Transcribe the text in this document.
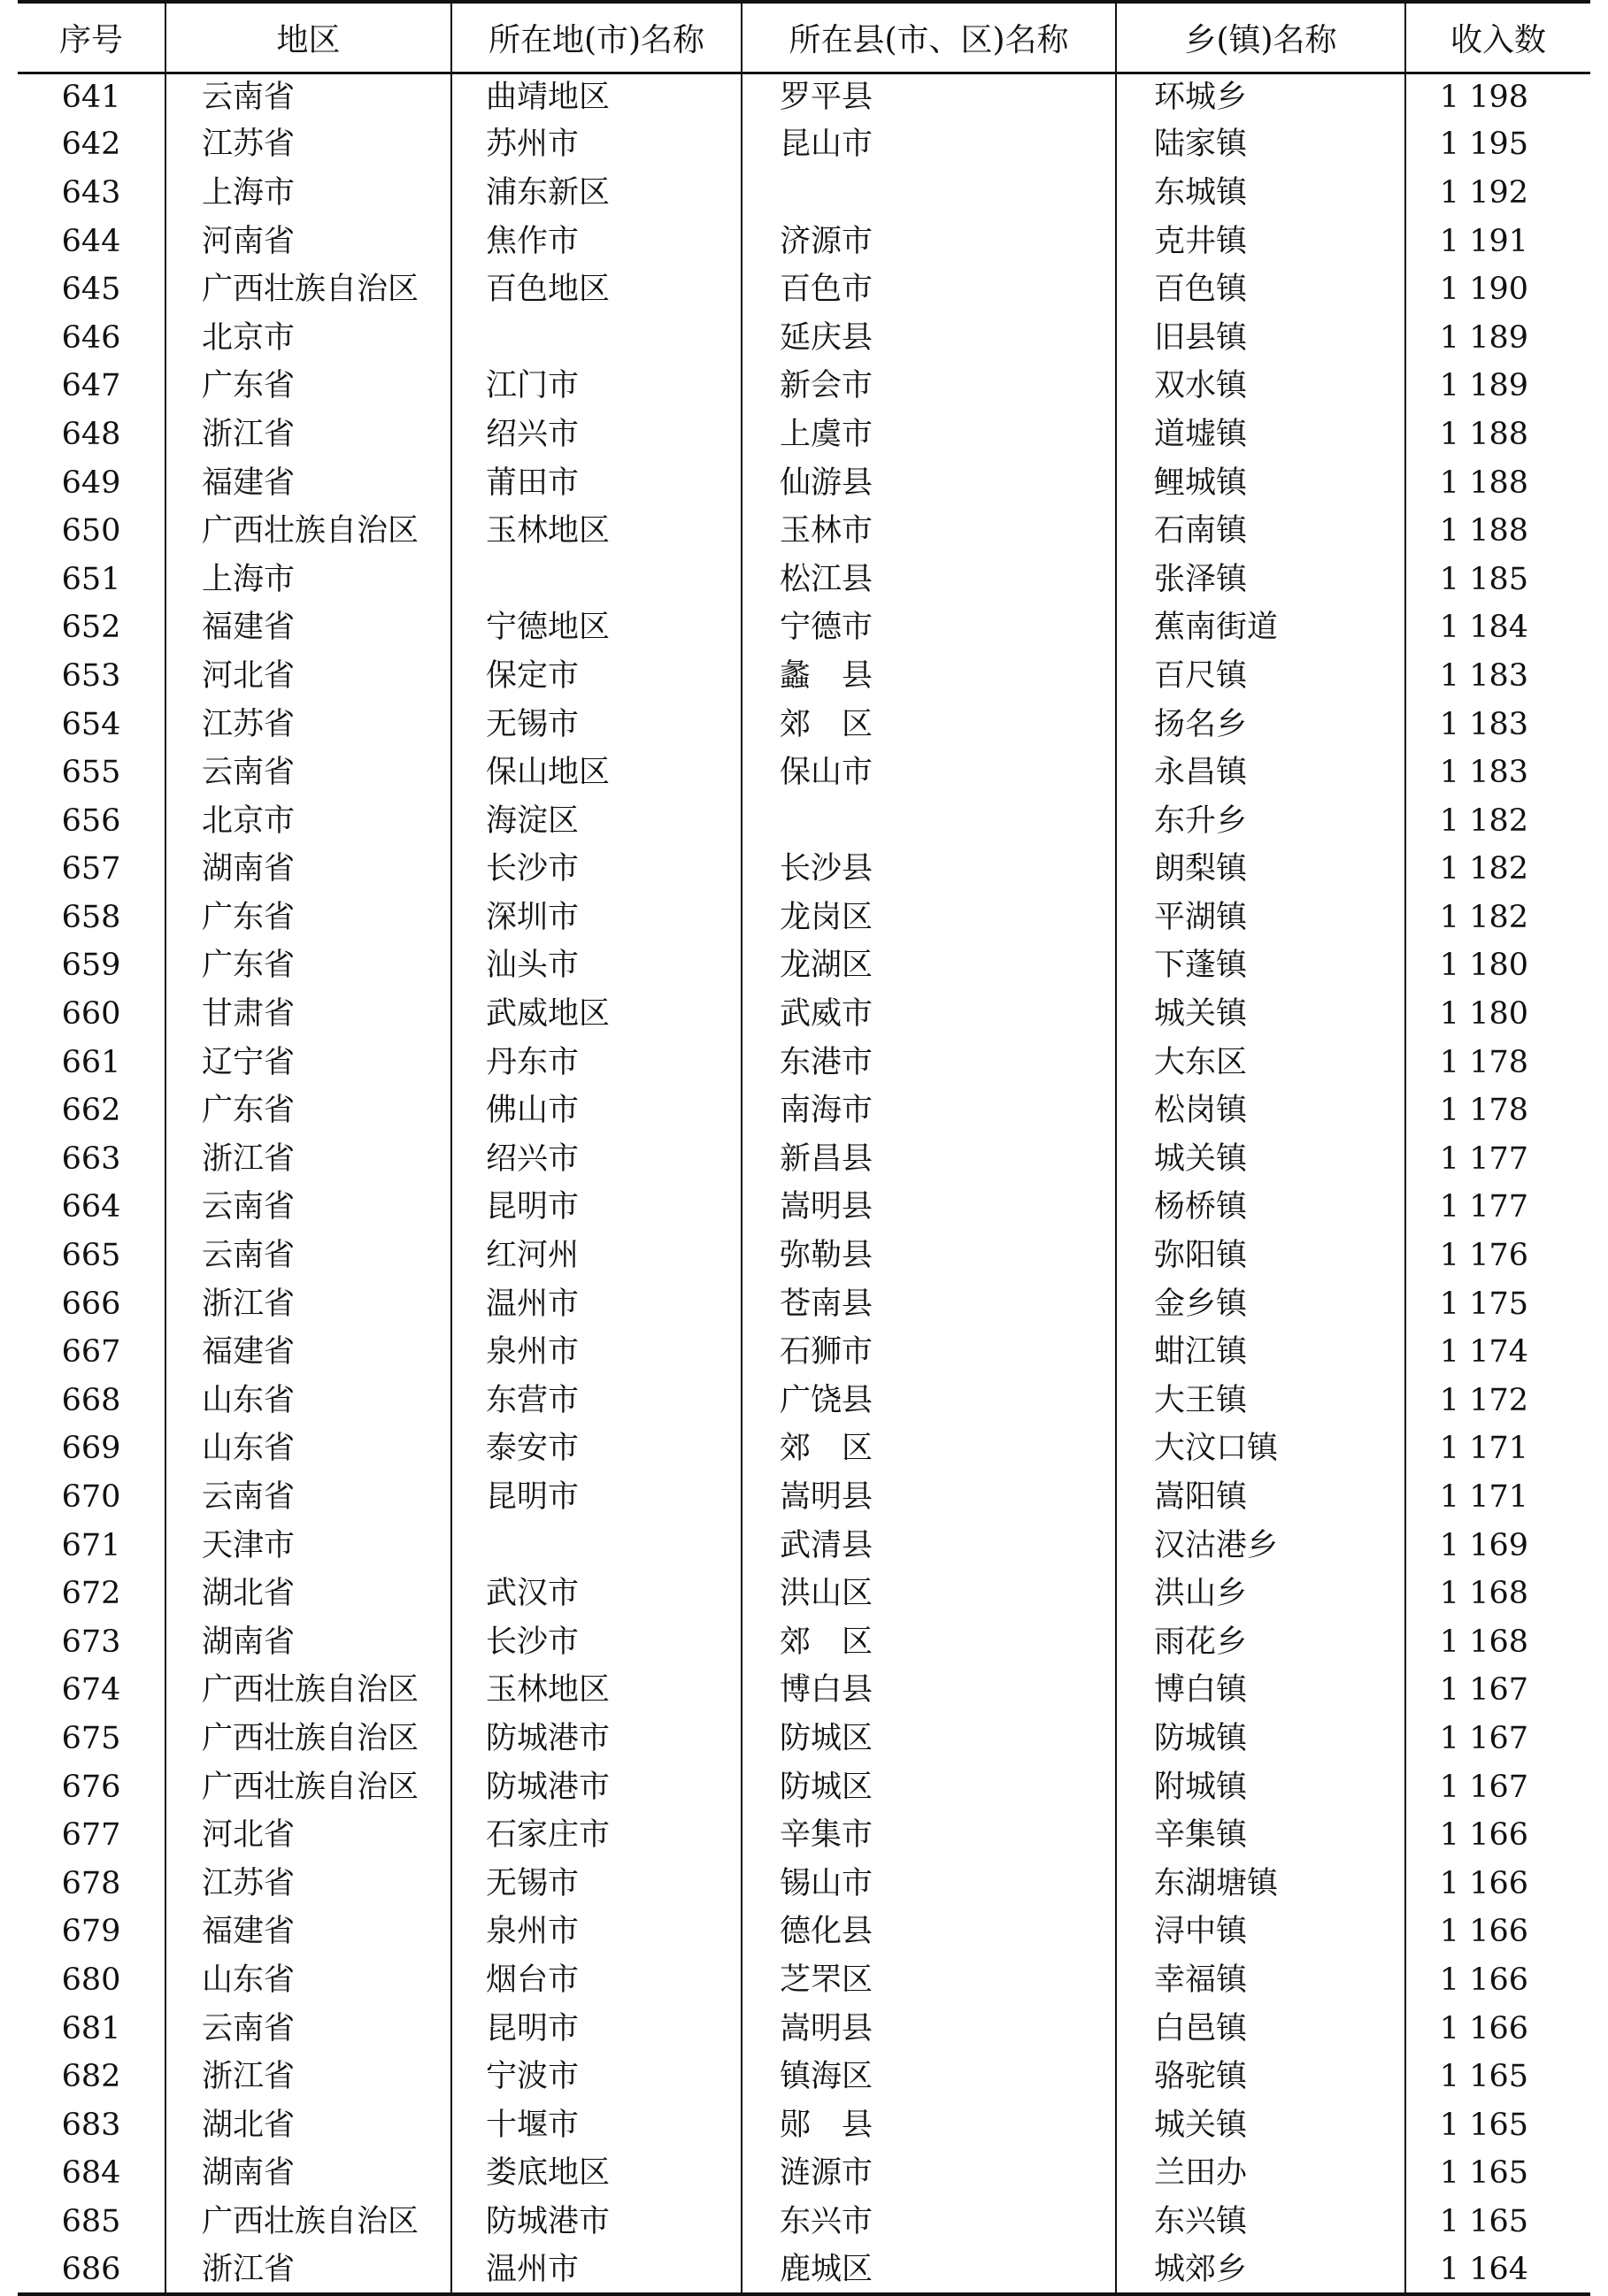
序号	地区	所在地(市)名称	所在县(市、区)名称	乡(镇)名称	收入数
641	云南省	曲靖地区	罗平县	环城乡	1 198
642	江苏省	苏州市	昆山市	陆家镇	1 195
643	上海市	浦东新区		东城镇	1 192
644	河南省	焦作市	济源市	克井镇	1 191
645	广西壮族自治区	百色地区	百色市	百色镇	1 190
646	北京市		延庆县	旧县镇	1 189
647	广东省	江门市	新会市	双水镇	1 189
648	浙江省	绍兴市	上虞市	道墟镇	1 188
649	福建省	莆田市	仙游县	鲤城镇	1 188
650	广西壮族自治区	玉林地区	玉林市	石南镇	1 188
651	上海市		松江县	张泽镇	1 185
652	福建省	宁德地区	宁德市	蕉南街道	1 184
653	河北省	保定市	蠡　县	百尺镇	1 183
654	江苏省	无锡市	郊　区	扬名乡	1 183
655	云南省	保山地区	保山市	永昌镇	1 183
656	北京市	海淀区		东升乡	1 182
657	湖南省	长沙市	长沙县	朗梨镇	1 182
658	广东省	深圳市	龙岗区	平湖镇	1 182
659	广东省	汕头市	龙湖区	下蓬镇	1 180
660	甘肃省	武威地区	武威市	城关镇	1 180
661	辽宁省	丹东市	东港市	大东区	1 178
662	广东省	佛山市	南海市	松岗镇	1 178
663	浙江省	绍兴市	新昌县	城关镇	1 177
664	云南省	昆明市	嵩明县	杨桥镇	1 177
665	云南省	红河州	弥勒县	弥阳镇	1 176
666	浙江省	温州市	苍南县	金乡镇	1 175
667	福建省	泉州市	石狮市	蚶江镇	1 174
668	山东省	东营市	广饶县	大王镇	1 172
669	山东省	泰安市	郊　区	大汶口镇	1 171
670	云南省	昆明市	嵩明县	嵩阳镇	1 171
671	天津市		武清县	汉沽港乡	1 169
672	湖北省	武汉市	洪山区	洪山乡	1 168
673	湖南省	长沙市	郊　区	雨花乡	1 168
674	广西壮族自治区	玉林地区	博白县	博白镇	1 167
675	广西壮族自治区	防城港市	防城区	防城镇	1 167
676	广西壮族自治区	防城港市	防城区	附城镇	1 167
677	河北省	石家庄市	辛集市	辛集镇	1 166
678	江苏省	无锡市	锡山市	东湖塘镇	1 166
679	福建省	泉州市	德化县	浔中镇	1 166
680	山东省	烟台市	芝罘区	幸福镇	1 166
681	云南省	昆明市	嵩明县	白邑镇	1 166
682	浙江省	宁波市	镇海区	骆驼镇	1 165
683	湖北省	十堰市	郧　县	城关镇	1 165
684	湖南省	娄底地区	涟源市	兰田办	1 165
685	广西壮族自治区	防城港市	东兴市	东兴镇	1 165
686	浙江省	温州市	鹿城区	城郊乡	1 164
